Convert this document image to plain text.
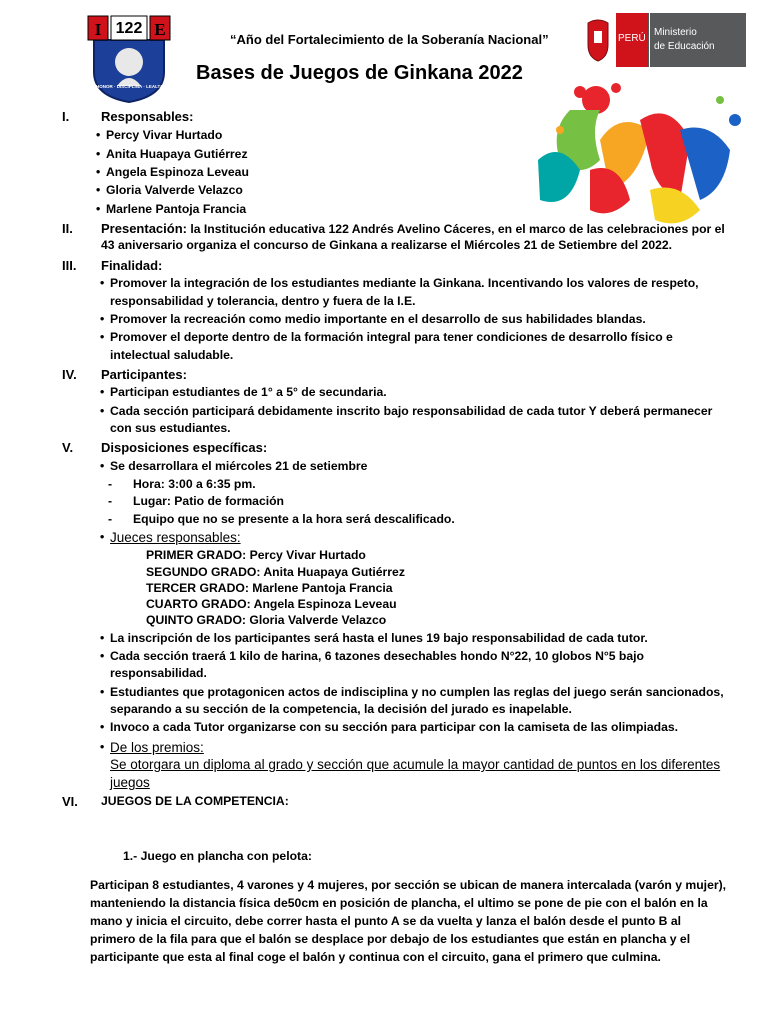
I 122 E
HONOR · DISCIPLINA · LEALTAD
PERÚ
Ministerio
de Educación
“Año del Fortalecimiento de la Soberanía Nacional”
Bases de Juegos de Ginkana 2022
I.	Responsables:
• Percy Vivar Hurtado
• Anita Huapaya Gutiérrez
• Angela Espinoza Leveau
• Gloria Valverde Velazco
• Marlene Pantoja Francia
II.	Presentación: la Institución educativa 122 Andrés Avelino Cáceres, en el marco de las celebraciones por el
43 aniversario organiza el concurso de Ginkana a realizarse el Miércoles 21 de Setiembre del 2022.
III.	Finalidad:
• Promover la integración de los estudiantes mediante la Ginkana. Incentivando los valores de respeto,
responsabilidad y tolerancia, dentro y fuera de la I.E.
• Promover la recreación como medio importante en el desarrollo de sus habilidades blandas.
• Promover el deporte dentro de la formación integral para tener condiciones de desarrollo físico e
intelectual saludable.
IV.	Participantes:
• Participan estudiantes de 1° a 5° de secundaria.
• Cada sección participará debidamente inscrito bajo responsabilidad de cada tutor Y deberá permanecer
con sus estudiantes.
V.	Disposiciones específicas:
• Se desarrollara el miércoles 21 de setiembre
- Hora: 3:00 a 6:35 pm.
- Lugar: Patio de formación
- Equipo que no se presente a la hora será descalificado.
• Jueces responsables:
PRIMER GRADO: Percy Vivar Hurtado
SEGUNDO GRADO: Anita Huapaya Gutiérrez
TERCER GRADO: Marlene Pantoja Francia
CUARTO GRADO: Angela Espinoza Leveau
QUINTO GRADO: Gloria Valverde Velazco
• La inscripción de los participantes será hasta el lunes 19 bajo responsabilidad de cada tutor.
• Cada sección traerá 1 kilo de harina, 6 tazones desechables hondo N°22, 10 globos N°5 bajo
responsabilidad.
• Estudiantes que protagonicen actos de indisciplina y no cumplen las reglas del juego serán sancionados,
separando a su sección de la competencia, la decisión del jurado es inapelable.
• Invoco a cada Tutor organizarse con su sección para participar con la camiseta de las olimpiadas.
• De los premios:
Se otorgara un diploma al grado y sección que acumule la mayor cantidad de puntos en los diferentes
juegos
VI.	JUEGOS DE LA COMPETENCIA:
1.- Juego en plancha con pelota:
Participan 8 estudiantes, 4 varones y 4 mujeres, por sección se ubican de manera intercalada (varón y mujer),
manteniendo la distancia física de50cm en posición de plancha, el ultimo se pone de pie con el balón en la
mano y inicia el circuito, debe correr hasta el punto A se da vuelta y lanza el balón desde el punto B al
primero de la fila para que el balón se desplace por debajo de los estudiantes que están en plancha y el
participante que esta al final coge el balón y continua con el circuito, gana el primero que culmina.
